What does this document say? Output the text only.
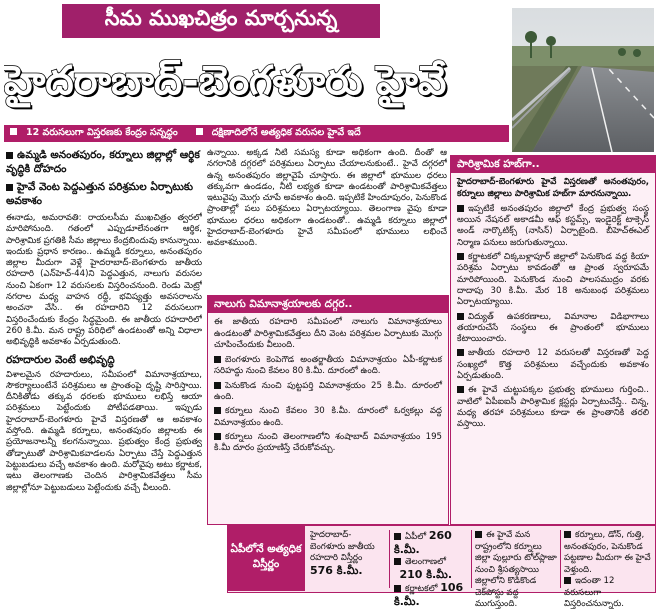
సీమ ముఖచిత్రం మార్చనున్న
హైదరాబాద్-బెంగళూరు హైవే
12 వరుసలుగా విస్తరణకు కేంద్రం సన్నద్ధం	దక్షిణాదిలోనే అత్యధిక వరుసల హైవే ఇదే
ఉమ్మడి అనంతపురం, కర్నూలు జిల్లాల్లో ఆర్థిక వృద్ధికి దోహదం
హైవే వెంట పెద్దఎత్తున పరిశ్రమల ఏర్పాటుకు అవకాశం

ఈనాడు, అమరావతి: రాయలసీమ ముఖచిత్రం త్వరలో మారిపోనుంది. గతంలో ఎప్పుడూలేనంతగా ఆర్థిక, పారిశ్రామిక ప్రగతికి సీమ జిల్లాలు కేంద్రబిందువు కానున్నాయి. ఇందుకు ప్రధాన కారణం.. ఉమ్మడి కర్నూలు, అనంతపురం జిల్లాల మీదుగా వెళ్లే హైదరాబాద్-బెంగళూరు జాతీయ రహదారి (ఎన్‌హెచ్-44)ని పెద్దఎత్తున, నాలుగు వరుసల నుంచి ఏకంగా 12 వరుసలకు విస్తరించనుంది. రెండు మెట్రో నగరాల మధ్య వాహన రద్దీ, భవిష్యత్తు అవసరాలను అంచనా వేసి.. ఈ రహదారిని 12 వరుసలుగా విస్తరించేందుకు కేంద్రం సిద్ధమైంది. ఈ జాతీయ రహదారిలో 260 కి.మీ. మన రాష్ట్ర పరిధిలో ఉండటంతో అన్ని విధాలా అభివృద్ధికి అవకాశం ఏర్పడుతుంది.

రహదారుల వెంటే అభివృద్ధి

విశాలమైన రహదారులు, సమీపంలో విమానాశ్రయాలు, సౌకర్యాలుంటేనే పరిశ్రమలు ఆ ప్రాంతంపై దృష్టి సారిస్తాయి. దీనికితోడు తక్కువ ధరలకు భూములు లభిస్తే ఆయా పరిశ్రమలు పెట్టేందుకు పోటీపడతాయి. ఇప్పుడు హైదరాబాద్-బెంగళూరు హైవే విస్తరణతో ఆ అవకాశం వస్తోంది. ఉమ్మడి కర్నూలు, అనంతపురం జిల్లాలకు ఈ ప్రయోజనాలన్నీ కలగనున్నాయి. ప్రభుత్వం కేంద్ర ప్రభుత్వ తోడ్పాటుతో పారిశ్రామికవాడలను ఏర్పాటు చేస్తే పెద్దఎత్తున పెట్టుబడులు వచ్చే అవకాశం ఉంది. మరోవైపు అటు కర్ణాటక, ఇటు తెలంగాణకు చెందిన పారిశ్రామికవేత్తలు సీమ జిల్లాల్లోనూ పెట్టుబడులు పెట్టేందుకు వచ్చే వీలుంది.

ఉన్నాయి. అక్కడ నీటి సమస్య కూడా అధికంగా ఉంది. దీంతో ఆ నగరానికి దగ్గరలో పరిశ్రమలు ఏర్పాటు చేయాలనుకుంటే.. హైవే దగ్గరలో ఉన్న అనంతపురం జిల్లావైపే చూస్తారు. ఈ జిల్లాలో భూముల ధరలు తక్కువగా ఉండడం, నీటి లభ్యత కూడా ఉండటంతో పారిశ్రామికవేత్తలు ఇటువైపు మొగ్గు చూపే అవకాశం ఉంది. ఇప్పటికే హిందూపురం, పెనుకొండ ప్రాంతాల్లో పలు పరిశ్రమలు ఏర్పాటయ్యాయి. తెలంగాణ వైపు కూడా భూముల ధరలు అధికంగా ఉండటంతో.. ఉమ్మడి కర్నూలు జిల్లాలో హైదరాబాద్-బెంగళూరు హైవే సమీపంలో భూములు లభించే అవకాశముంది.

నాలుగు విమానాశ్రయాలకు దగ్గర..

ఈ జాతీయ రహదారి సమీపంలో నాలుగు విమానాశ్రయాలు ఉండటంతో పారిశ్రామికవేత్తలు దీని వెంట పరిశ్రమల ఏర్పాటుకు మొగ్గు చూపించేందుకు వీలుంది.

బెంగళూరు కెంపెగౌడ అంతర్జాతీయ విమానాశ్రయం ఏపీ-కర్ణాటక సరిహద్దు నుంచి కేవలం 80 కి.మీ. దూరంలో ఉంది.

పెనుకొండ నుంచి పుట్టపర్తి విమానాశ్రయం 25 కి.మీ. దూరంలో ఉంది.

కర్నూలు నుంచి కేవలం 30 కి.మీ. దూరంలో ఓర్వకల్లు వద్ద విమానాశ్రయం ఉంది.

కర్నూలు నుంచి తెలంగాణలోని శంషాబాద్ విమానాశ్రయం 195 కి.మీ దూరం ప్రయాణిస్తే చేరుకోవచ్చు.

పారిశ్రామిక హబ్‌గా..

హైదరాబాద్-బెంగళూరు హైవే విస్తరణతో అనంతపురం, కర్నూలు జిల్లాలు పారిశ్రామిక హబ్‌గా మారనున్నాయి.

ఇప్పటికే అనంతపురం జిల్లాలో కేంద్ర ప్రభుత్వ సంస్థ అయిన నేషనల్ అకాడమీ ఆఫ్ కస్టమ్స్, ఇండైరెక్ట్ టాక్సెస్ అండ్ నార్కొటిక్స్ (నాసిన్) ఏర్పాటైంది. బీహెచ్‌ఈఎల్ నిర్మాణ పనులు జరుగుతున్నాయి.

కర్ణాటకలో చిక్కబళ్లాపూర్ జిల్లాలో పెనుకొండ వద్ద కియా పరిశ్రమ ఏర్పాటు కావడంతో ఆ ప్రాంత స్వరూపమే మారిపోయింది. పెనుకొండ నుంచి పాలసముద్రం వరకు దాదాపు 30 కి.మీ. మేర 18 అనుబంధ పరిశ్రమలు ఏర్పాటయ్యాయి.

విద్యుత్ ఉపకరణాలు, విమానాల విడిభాగాలు తయారుచేసే సంస్థలు ఈ ప్రాంతంలో భూములు కేటాయించారు.

జాతీయ రహదారి 12 వరుసలతో విస్తరణతో పెద్ద సంఖ్యలో కొత్త పరిశ్రమలు వచ్చేందుకు అవకాశం ఏర్పడుతుంది.

ఈ హైవే చుట్టుపక్కల ప్రభుత్వ భూములు గుర్తించి.. వాటిలో ఏపీఐఐసీ పారిశ్రామిక క్లస్టర్లు ఏర్పాటుచేస్తే.. చిన్న, మధ్య తరహా పరిశ్రమలు కూడా ఈ ప్రాంతానికి తరలి వస్తాయి.

హైదరాబాద్-బెంగళూరు జాతీయ రహదారి విస్తీర్ణం
576 కి.మీ.
ఏపీలో 260 కి.మీ.
తెలంగాణలో
210 కి.మీ.
కర్ణాటకలో 106 కి.మీ.
ఈ హైవే మన రాష్ట్రంలోని కర్నూలు జిల్లా పుల్లూరు టోల్‌ప్లాజా నుంచి శ్రీసత్యసాయి జిల్లాలోని కొడికొండ చెక్‌పోస్టు వద్ద ముగుస్తుంది.
కర్నూలు, డోన్, గుత్తి, అనంతపురం, పెనుకొండ పట్టణాల మీదుగా ఈ హైవే వెళ్తుంది.
ఇదంతా 12 వరుసలుగా విస్తరించనున్నారు.
ఏపీలోనే అత్యధిక విస్తీర్ణం
